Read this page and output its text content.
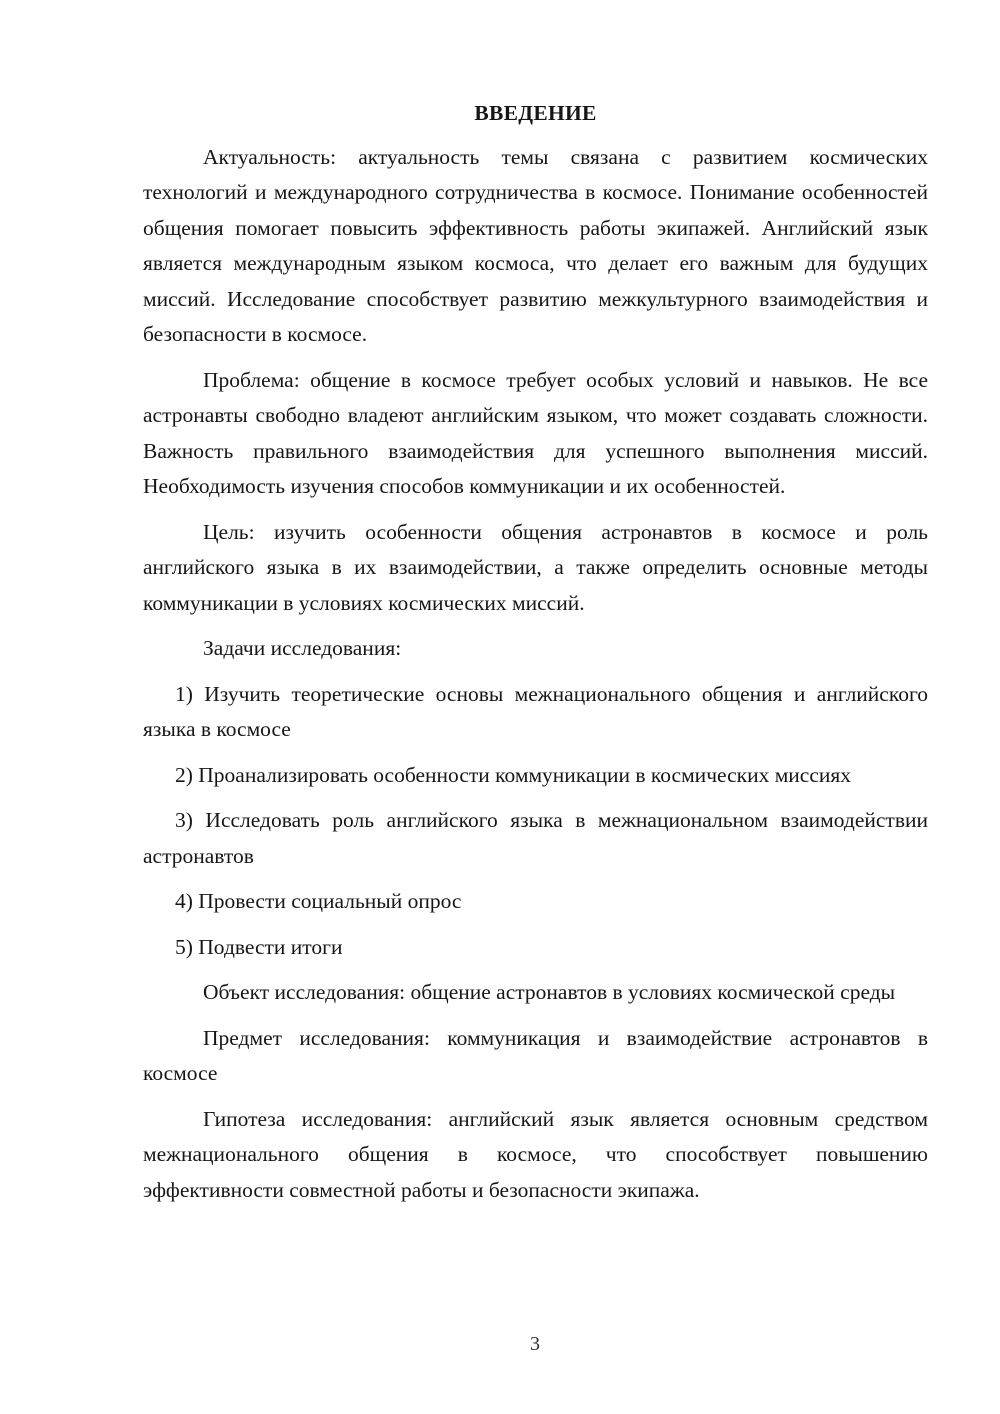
ВВЕДЕНИЕ

Актуальность: актуальность темы связана с развитием космических технологий и международного сотрудничества в космосе. Понимание особенностей общения помогает повысить эффективность работы экипажей. Английский язык является международным языком космоса, что делает его важным для будущих миссий. Исследование способствует развитию межкультурного взаимодействия и безопасности в космосе.

Проблема: общение в космосе требует особых условий и навыков. Не все астронавты свободно владеют английским языком, что может создавать сложности. Важность правильного взаимодействия для успешного выполнения миссий. Необходимость изучения способов коммуникации и их особенностей.

Цель: изучить особенности общения астронавтов в космосе и роль английского языка в их взаимодействии, а также определить основные методы коммуникации в условиях космических миссий.

Задачи исследования:

1) Изучить теоретические основы межнационального общения и английского языка в космосе
2) Проанализировать особенности коммуникации в космических миссиях
3) Исследовать роль английского языка в межнациональном взаимодействии астронавтов
4) Провести социальный опрос
5) Подвести итоги

Объект исследования: общение астронавтов в условиях космической среды

Предмет исследования: коммуникация и взаимодействие астронавтов в космосе

Гипотеза исследования: английский язык является основным средством межнационального общения в космосе, что способствует повышению эффективности совместной работы и безопасности экипажа.

3
